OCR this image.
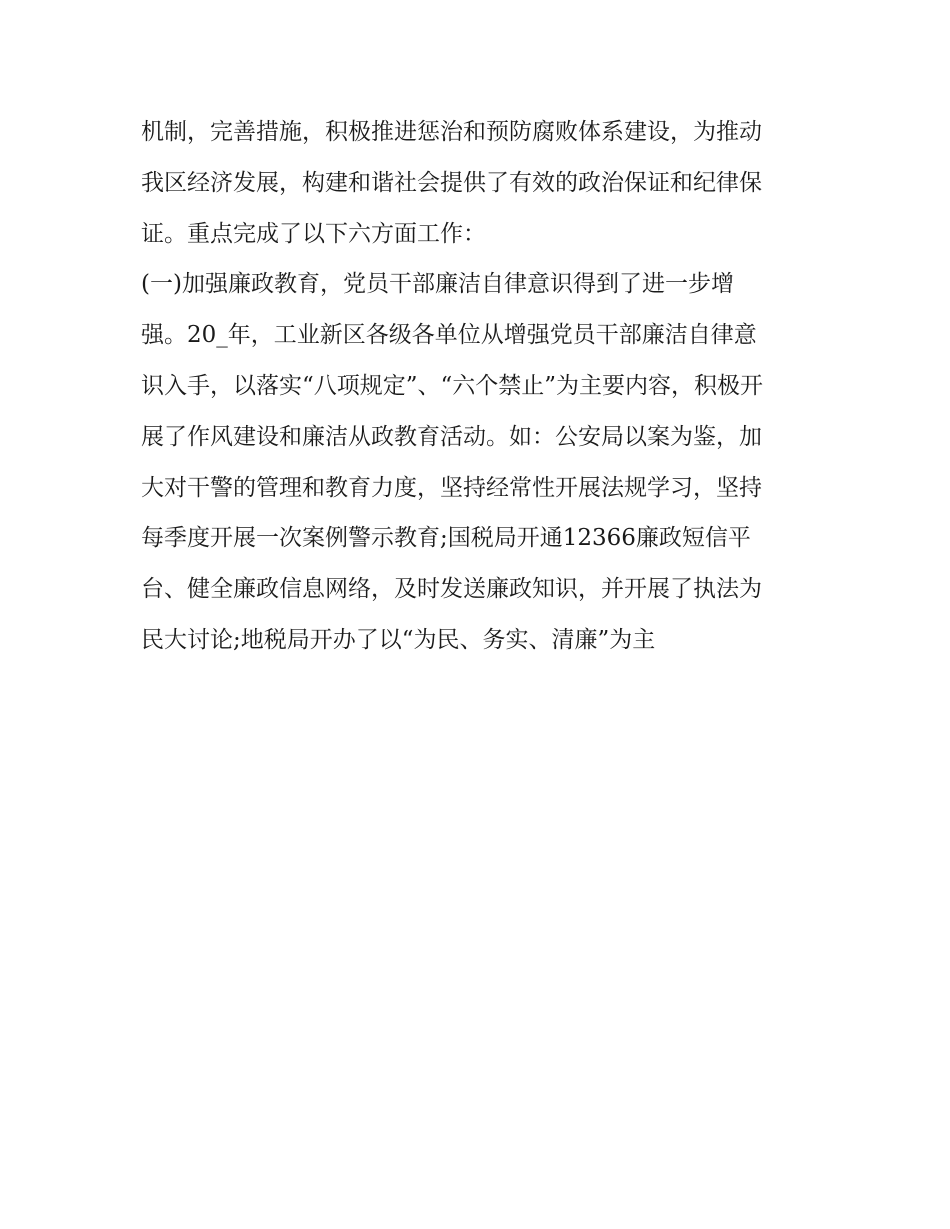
机制，完善措施，积极推进惩治和预防腐败体系建设，为推动
我区经济发展，构建和谐社会提供了有效的政治保证和纪律保
证。重点完成了以下六方面工作：
(一)加强廉政教育，党员干部廉洁自律意识得到了进一步增
强。20_年，工业新区各级各单位从增强党员干部廉洁自律意
识入手，以落实“八项规定”、“六个禁止”为主要内容，积极开
展了作风建设和廉洁从政教育活动。如：公安局以案为鉴，加
大对干警的管理和教育力度，坚持经常性开展法规学习，坚持
每季度开展一次案例警示教育;国税局开通12366廉政短信平
台、健全廉政信息网络，及时发送廉政知识，并开展了执法为
民大讨论;地税局开办了以“为民、务实、清廉”为主
